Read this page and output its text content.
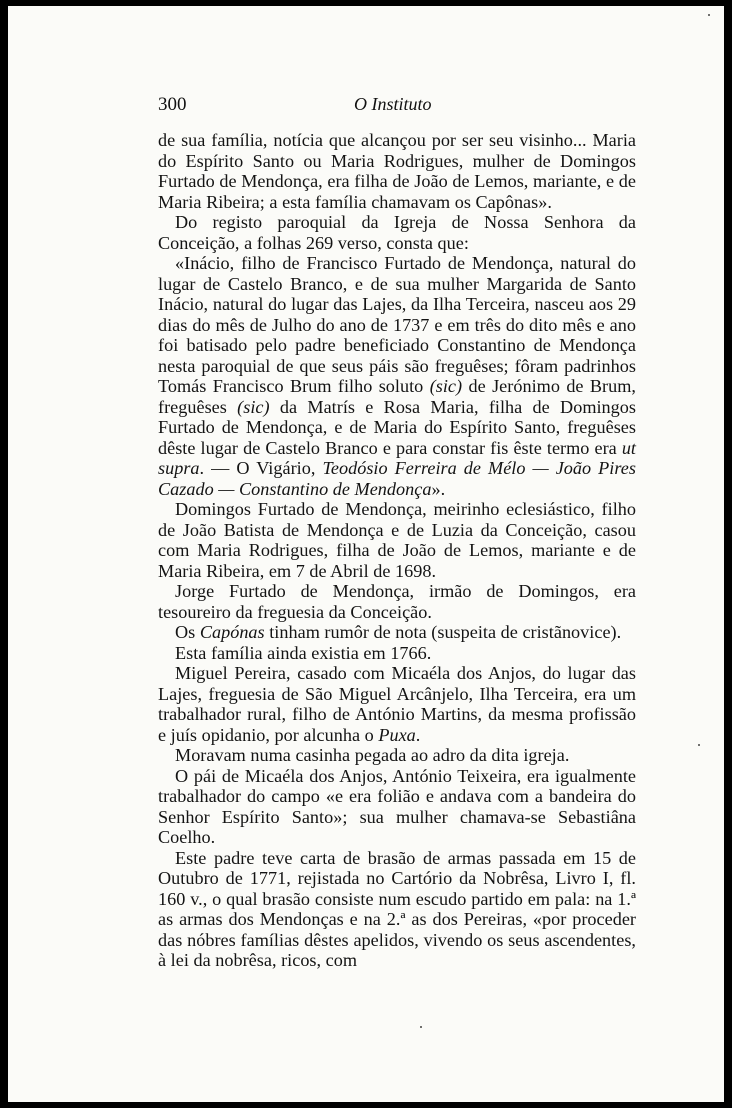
300	O Instituto

de sua família, notícia que alcançou por ser seu visinho... Maria do Espírito Santo ou Maria Rodrigues, mulher de Domingos Furtado de Mendonça, era filha de João de Lemos, mariante, e de Maria Ribeira; a esta família chamavam os Capônas».

Do registo paroquial da Igreja de Nossa Senhora da Conceição, a folhas 269 verso, consta que:

«Inácio, filho de Francisco Furtado de Mendonça, natural do lugar de Castelo Branco, e de sua mulher Margarida de Santo Inácio, natural do lugar das Lajes, da Ilha Terceira, nasceu aos 29 dias do mês de Julho do ano de 1737 e em três do dito mês e ano foi batisado pelo padre beneficiado Constantino de Mendonça nesta paroquial de que seus páis são freguêses; fôram padrinhos Tomás Francisco Brum filho soluto (sic) de Jerónimo de Brum, freguêses (sic) da Matrís e Rosa Maria, filha de Domingos Furtado de Mendonça, e de Maria do Espírito Santo, freguêses dêste lugar de Castelo Branco e para constar fis êste termo era ut supra. — O Vigário, Teodósio Ferreira de Mélo — João Pires Cazado — Constantino de Mendonça».

Domingos Furtado de Mendonça, meirinho eclesiástico, filho de João Batista de Mendonça e de Luzia da Conceição, casou com Maria Rodrigues, filha de João de Lemos, mariante e de Maria Ribeira, em 7 de Abril de 1698.

Jorge Furtado de Mendonça, irmão de Domingos, era tesoureiro da freguesia da Conceição.

Os Capónas tinham rumôr de nota (suspeita de cristãnovice).

Esta família ainda existia em 1766.

Miguel Pereira, casado com Micaéla dos Anjos, do lugar das Lajes, freguesia de São Miguel Arcânjelo, Ilha Terceira, era um trabalhador rural, filho de António Martins, da mesma profissão e juís opidanio, por alcunha o Puxa.

Moravam numa casinha pegada ao adro da dita igreja.

O pái de Micaéla dos Anjos, António Teixeira, era igualmente trabalhador do campo «e era folião e andava com a bandeira do Senhor Espírito Santo»; sua mulher chamava-se Sebastiâna Coelho.

Este padre teve carta de brasão de armas passada em 15 de Outubro de 1771, rejistada no Cartório da Nobrêsa, Livro I, fl. 160 v., o qual brasão consiste num escudo partido em pala: na 1.ª as armas dos Mendonças e na 2.ª as dos Pereiras, «por proceder das nóbres famílias dêstes apelidos, vivendo os seus ascendentes, à lei da nobrêsa, ricos, com
